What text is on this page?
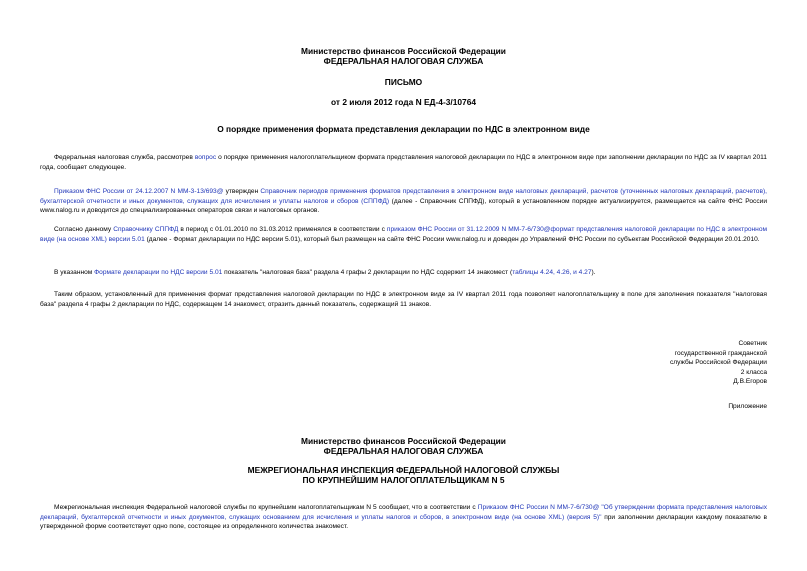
Министерство финансов Российской Федерации
ФЕДЕРАЛЬНАЯ НАЛОГОВАЯ СЛУЖБА
ПИСЬМО
от 2 июля 2012 года N ЕД-4-3/10764
О порядке применения формата представления декларации по НДС в электронном виде
Федеральная налоговая служба, рассмотрев вопрос о порядке применения налогоплательщиком формата представления налоговой декларации по НДС в электронном виде при заполнении декларации по НДС за IV квартал 2011 года, сообщает следующее.
Приказом ФНС России от 24.12.2007 N ММ-3-13/693@ утвержден Справочник периодов применения форматов представления в электронном виде налоговых деклараций, расчетов (уточненных налоговых деклараций, расчетов), бухгалтерской отчетности и иных документов, служащих для исчисления и уплаты налогов и сборов (СППФД) (далее - Справочник СППФД), который в установленном порядке актуализируется, размещается на сайте ФНС России www.nalog.ru и доводится до специализированных операторов связи и налоговых органов.
Согласно данному Справочнику СППФД в период с 01.01.2010 по 31.03.2012 применялся в соответствии с приказом ФНС России от 31.12.2009 N ММ-7-6/730@формат представления налоговой декларации по НДС в электронном виде (на основе XML) версии 5.01 (далее - Формат декларации по НДС версии 5.01), который был размещен на сайте ФНС России www.nalog.ru и доведен до Управлений ФНС России по субъектам Российской Федерации 20.01.2010.
В указанном Формате декларации по НДС версии 5.01 показатель "налоговая база" раздела 4 графы 2 декларации по НДС содержит 14 знакомест (таблицы 4.24, 4.26, и 4.27).
Таким образом, установленный для применения формат представления налоговой декларации по НДС в электронном виде за IV квартал 2011 года позволяет налогоплательщику в поле для заполнения показателя "налоговая база" раздела 4 графы 2 декларации по НДС, содержащем 14 знакомест, отразить данный показатель, содержащий 11 знаков.
Советник
государственной гражданской
службы Российской Федерации
2 класса
Д.В.Егоров
Приложение
Министерство финансов Российской Федерации
ФЕДЕРАЛЬНАЯ НАЛОГОВАЯ СЛУЖБА
МЕЖРЕГИОНАЛЬНАЯ ИНСПЕКЦИЯ ФЕДЕРАЛЬНОЙ НАЛОГОВОЙ СЛУЖБЫ
ПО КРУПНЕЙШИМ НАЛОГОПЛАТЕЛЬЩИКАМ N 5
Межрегиональная инспекция Федеральной налоговой службы по крупнейшим налогоплательщикам N 5 сообщает, что в соответствии с Приказом ФНС России N ММ-7-6/730@ "Об утверждении формата представления налоговых деклараций, бухгалтерской отчетности и иных документов, служащих основанием для исчисления и уплаты налогов и сборов, в электронном виде (на основе XML) (версия 5)" при заполнении декларации каждому показателю в утвержденной форме соответствует одно поле, состоящее из определенного количества знакомест.
